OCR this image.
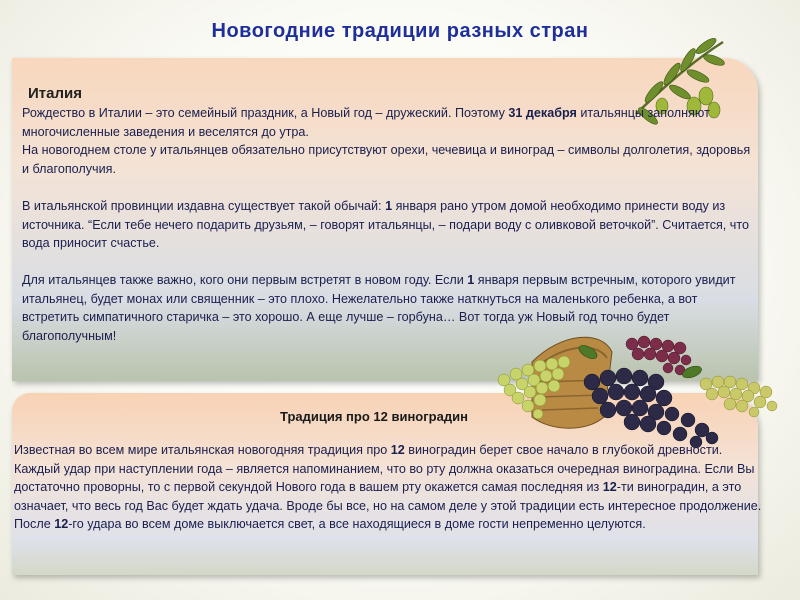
Новогодние традиции разных стран
Италия
Рождество в Италии – это семейный праздник, а Новый год – дружеский. Поэтому 31 декабря итальянцы заполняют многочисленные заведения и веселятся до утра.
На новогоднем столе у итальянцев обязательно присутствуют орехи, чечевица и виноград – символы долголетия, здоровья и благополучия.
В итальянской провинции издавна существует такой обычай: 1 января рано утром домой необходимо принести воду из источника. “Если тебе нечего подарить друзьям, – говорят итальянцы, – подари воду с оливковой веточкой”. Считается, что вода приносит счастье.
Для итальянцев также важно, кого они первым встретят в новом году. Если 1 января первым встречным, которого увидит итальянец, будет монах или священник – это плохо. Нежелательно также наткнуться на маленького ребенка, а вот встретить симпатичного старичка – это хорошо. А еще лучше – горбуна… Вот тогда уж Новый год точно будет благополучным!
Традиция про 12 виноградин
Известная во всем мире итальянская новогодняя традиция про 12 виноградин берет свое начало в глубокой древности. Каждый удар при наступлении года – является напоминанием, что во рту должна оказаться очередная виноградина. Если Вы достаточно проворны, то с первой секундой Нового года в вашем рту окажется самая последняя из 12-ти виноградин, а это означает, что весь год Вас будет ждать удача. Вроде бы все, но на самом деле у этой традиции есть интересное продолжение. После 12-го удара во всем доме выключается свет, а все находящиеся в доме гости непременно целуются.
